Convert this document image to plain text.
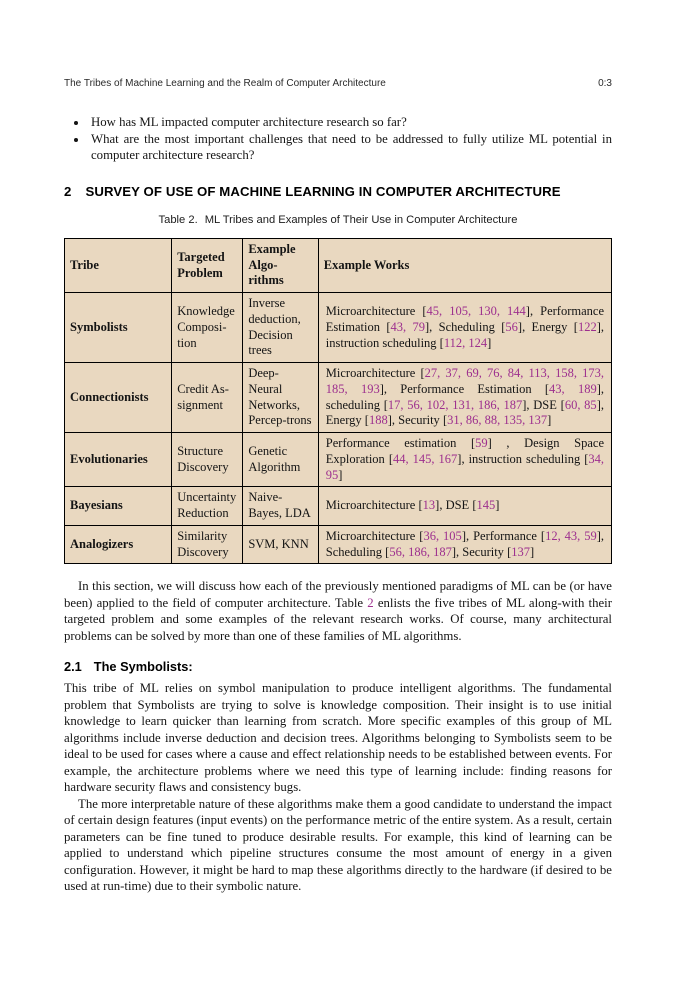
The Tribes of Machine Learning and the Realm of Computer Architecture	0:3
• How has ML impacted computer architecture research so far?
• What are the most important challenges that need to be addressed to fully utilize ML potential in computer architecture research?
2 SURVEY OF USE OF MACHINE LEARNING IN COMPUTER ARCHITECTURE
Table 2. ML Tribes and Examples of Their Use in Computer Architecture
Tribe	Targeted Problem	Example Algo-rithms	Example Works
Symbolists	Knowledge Composi-tion	Inverse deduction, Decision trees	Microarchitecture [45, 105, 130, 144], Performance Estimation [43, 79], Scheduling [56], Energy [122], instruction scheduling [112, 124]
Connectionists	Credit As-signment	Deep-Neural Networks, Percep-trons	Microarchitecture [27, 37, 69, 76, 84, 113, 158, 173, 185, 193], Performance Estimation [43, 189], scheduling [17, 56, 102, 131, 186, 187], DSE [60, 85], Energy [188], Security [31, 86, 88, 135, 137]
Evolutionaries	Structure Discovery	Genetic Algorithm	Performance estimation [59] , Design Space Exploration [44, 145, 167], instruction scheduling [34, 95]
Bayesians	Uncertainty Reduction	Naive-Bayes, LDA	Microarchitecture [13], DSE [145]
Analogizers	Similarity Discovery	SVM, KNN	Microarchitecture [36, 105], Performance [12, 43, 59], Scheduling [56, 186, 187], Security [137]

In this section, we will discuss how each of the previously mentioned paradigms of ML can be (or have been) applied to the field of computer architecture. Table 2 enlists the five tribes of ML along-with their targeted problem and some examples of the relevant research works. Of course, many architectural problems can be solved by more than one of these families of ML algorithms.

2.1 The Symbolists:

This tribe of ML relies on symbol manipulation to produce intelligent algorithms. The fundamental problem that Symbolists are trying to solve is knowledge composition. Their insight is to use initial knowledge to learn quicker than learning from scratch. More specific examples of this group of ML algorithms include inverse deduction and decision trees. Algorithms belonging to Symbolists seem to be ideal to be used for cases where a cause and effect relationship needs to be established between events. For example, the architecture problems where we need this type of learning include: finding reasons for hardware security flaws and consistency bugs.

The more interpretable nature of these algorithms make them a good candidate to understand the impact of certain design features (input events) on the performance metric of the entire system. As a result, certain parameters can be fine tuned to produce desirable results. For example, this kind of learning can be applied to understand which pipeline structures consume the most amount of energy in a given configuration. However, it might be hard to map these algorithms directly to the hardware (if desired to be used at run-time) due to their symbolic nature.
